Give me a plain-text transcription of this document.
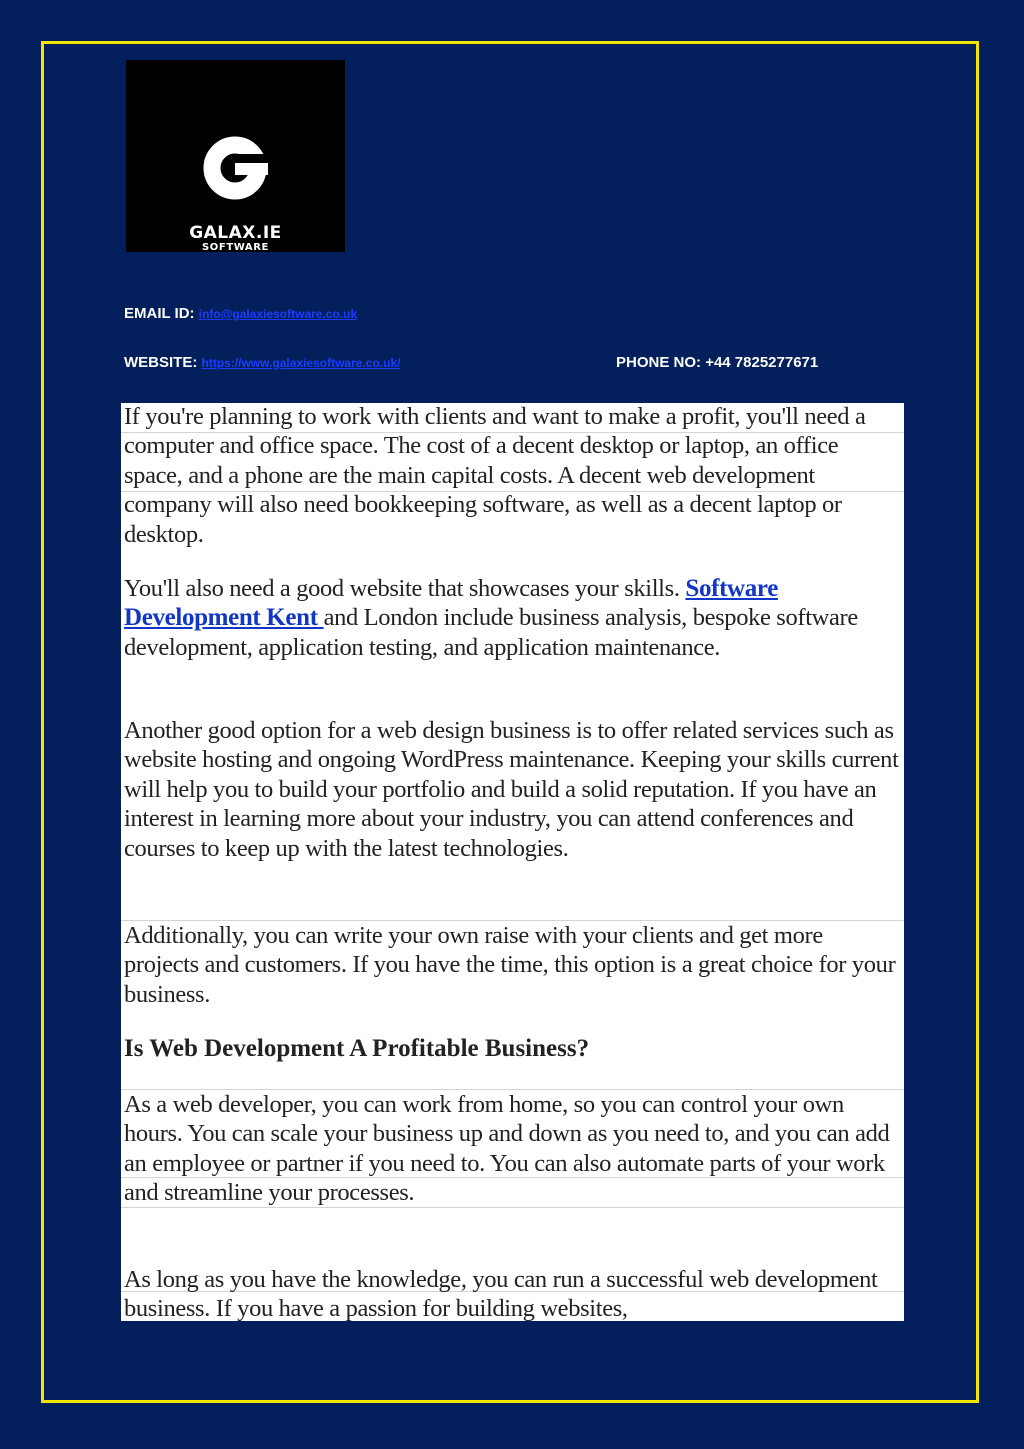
GALAX.IE
SOFTWARE
EMAIL ID: info@galaxiesoftware.co.uk
WEBSITE: https://www.galaxiesoftware.co.uk/	PHONE NO: +44 7825277671

If you're planning to work with clients and want to make a profit, you'll need a computer and office space. The cost of a decent desktop or laptop, an office space, and a phone are the main capital costs. A decent web development company will also need bookkeeping software, as well as a decent laptop or desktop.

You'll also need a good website that showcases your skills. Software Development Kent and London include business analysis, bespoke software development, application testing, and application maintenance.

Another good option for a web design business is to offer related services such as website hosting and ongoing WordPress maintenance. Keeping your skills current will help you to build your portfolio and build a solid reputation. If you have an interest in learning more about your industry, you can attend conferences and courses to keep up with the latest technologies.

Additionally, you can write your own raise with your clients and get more projects and customers. If you have the time, this option is a great choice for your business.

Is Web Development A Profitable Business?

As a web developer, you can work from home, so you can control your own hours. You can scale your business up and down as you need to, and you can add an employee or partner if you need to. You can also automate parts of your work and streamline your processes.

As long as you have the knowledge, you can run a successful web development business. If you have a passion for building websites,
